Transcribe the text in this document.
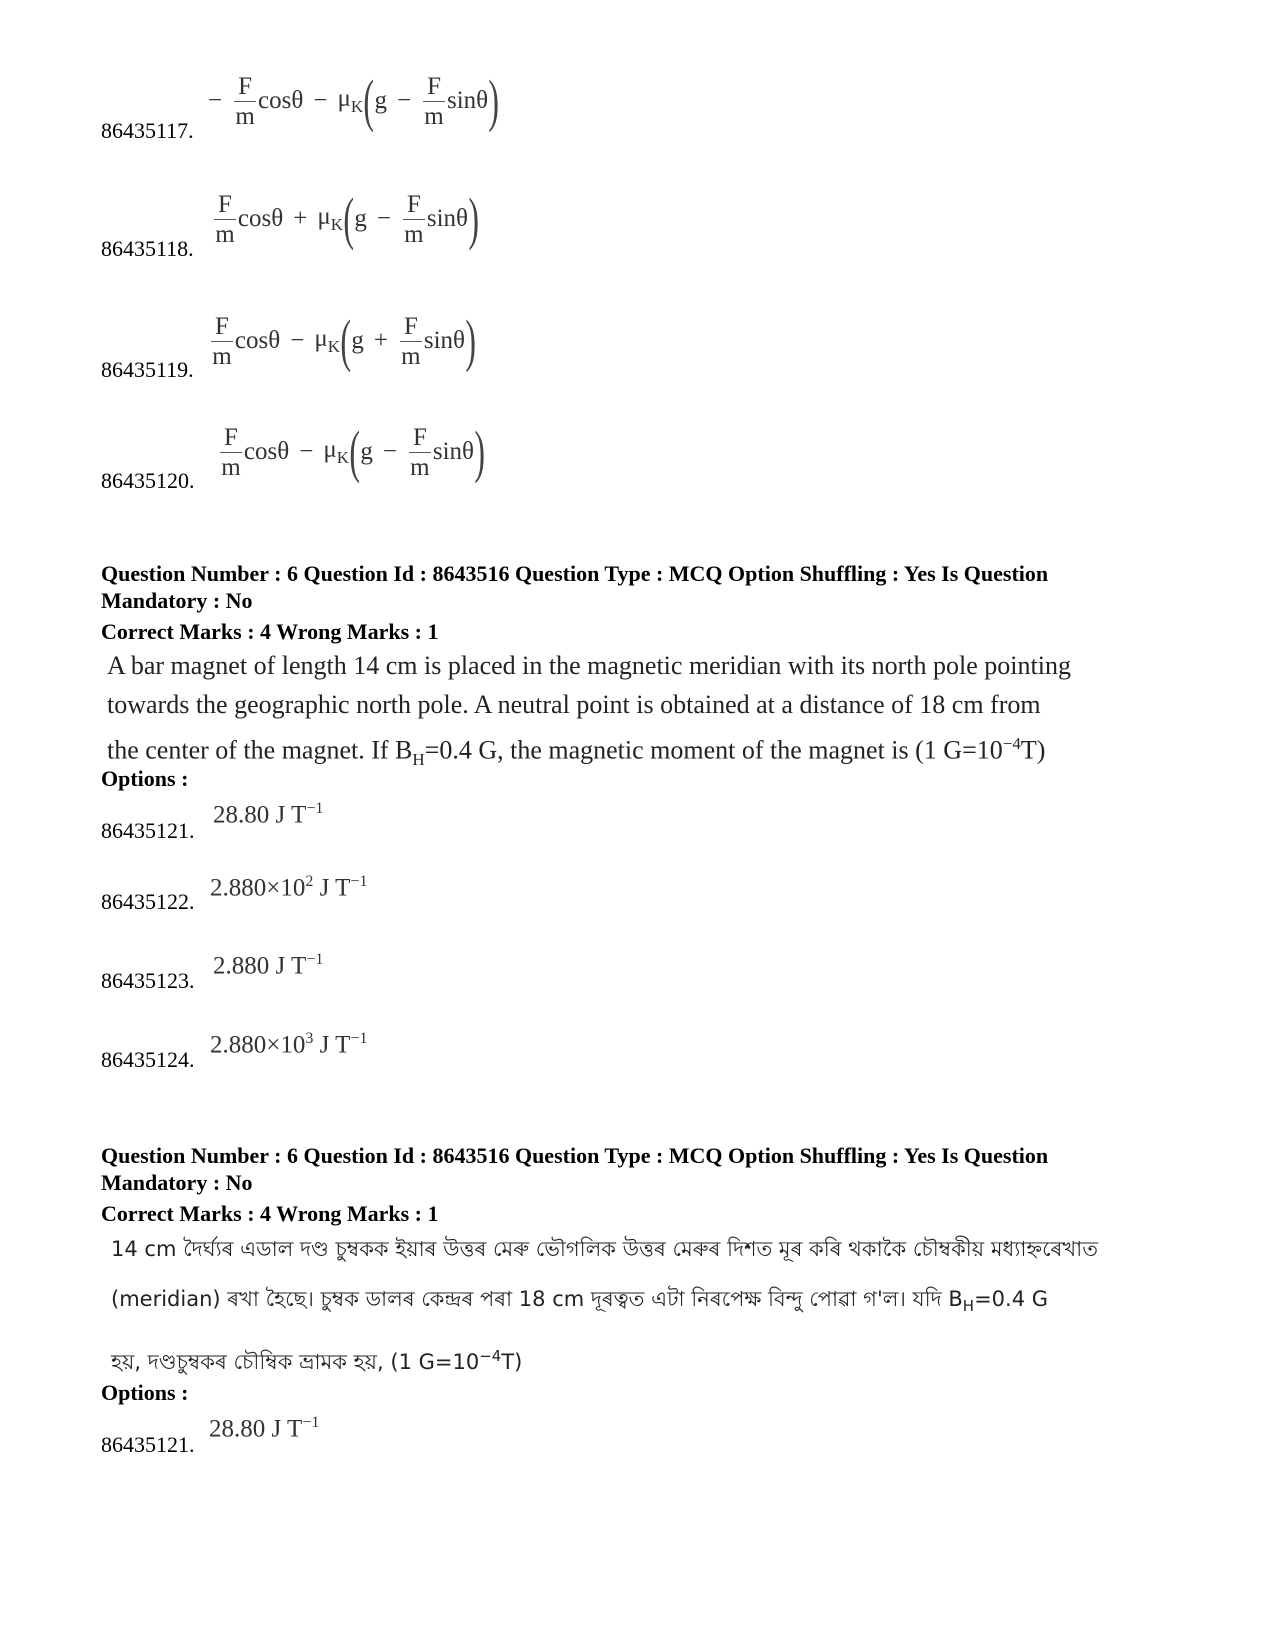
86435117.
− $\frac{F}{m}$ $\cos\theta - \mu_K$ ( $g - \frac{F}{m}$ sinθ )
86435118.
$\frac{F}{m}$ $\cos\theta + \mu_K$ ( $g - \frac{F}{m}$ sinθ )
86435119.
$\frac{F}{m}$ $\cos\theta - \mu_K$ ( $g + \frac{F}{m}$ sinθ )
86435120.
$\frac{F}{m}$ $\cos\theta - \mu_K$ ( $g - \frac{F}{m}$ sinθ )
Question Number : 6 Question Id : 8643516 Question Type : MCQ Option Shuffling : Yes Is Question
Mandatory : No
Correct Marks : 4 Wrong Marks : 1
A bar magnet of length 14 cm is placed in the magnetic meridian with its north pole pointing
towards the geographic north pole. A neutral point is obtained at a distance of 18 cm from
the center of the magnet. If $B_H=0.4$ G, the magnetic moment of the magnet is (1 $G=10^{-4}T$)
Options :
86435121.
28.80 J $T^{-1}$
86435122.
$2.880\times 10^2$ J $T^{-1}$
86435123.
2.880 J $T^{-1}$
86435124.
$2.880\times 10^3$ J $T^{-1}$
Question Number : 6 Question Id : 8643516 Question Type : MCQ Option Shuffling : Yes Is Question
Mandatory : No
Correct Marks : 4 Wrong Marks : 1
14 cm দৈৰ্ঘ্যৰ এডাল দণ্ড চুম্বকক ইয়াৰ উত্তৰ মেৰু ভৌগলিক উত্তৰ মেৰুৰ দিশত মূৰ কৰি থকাকৈ চৌম্বকীয় মধ্যাহ্নৰেখাত
(meridian) ৰখা হৈছে। চুম্বক ডালৰ কেন্দ্ৰৰ পৰা 18 cm দূৰত্বত এটা নিৰপেক্ষ বিন্দু পোৱা গ'ল। যদি $B_H=0.4$ G
হয়, দণ্ডচুম্বকৰ চৌম্বিক ভ্ৰামক হয়, (1 $G=10^{-4}T$)
Options :
86435121.
28.80 J $T^{-1}$
